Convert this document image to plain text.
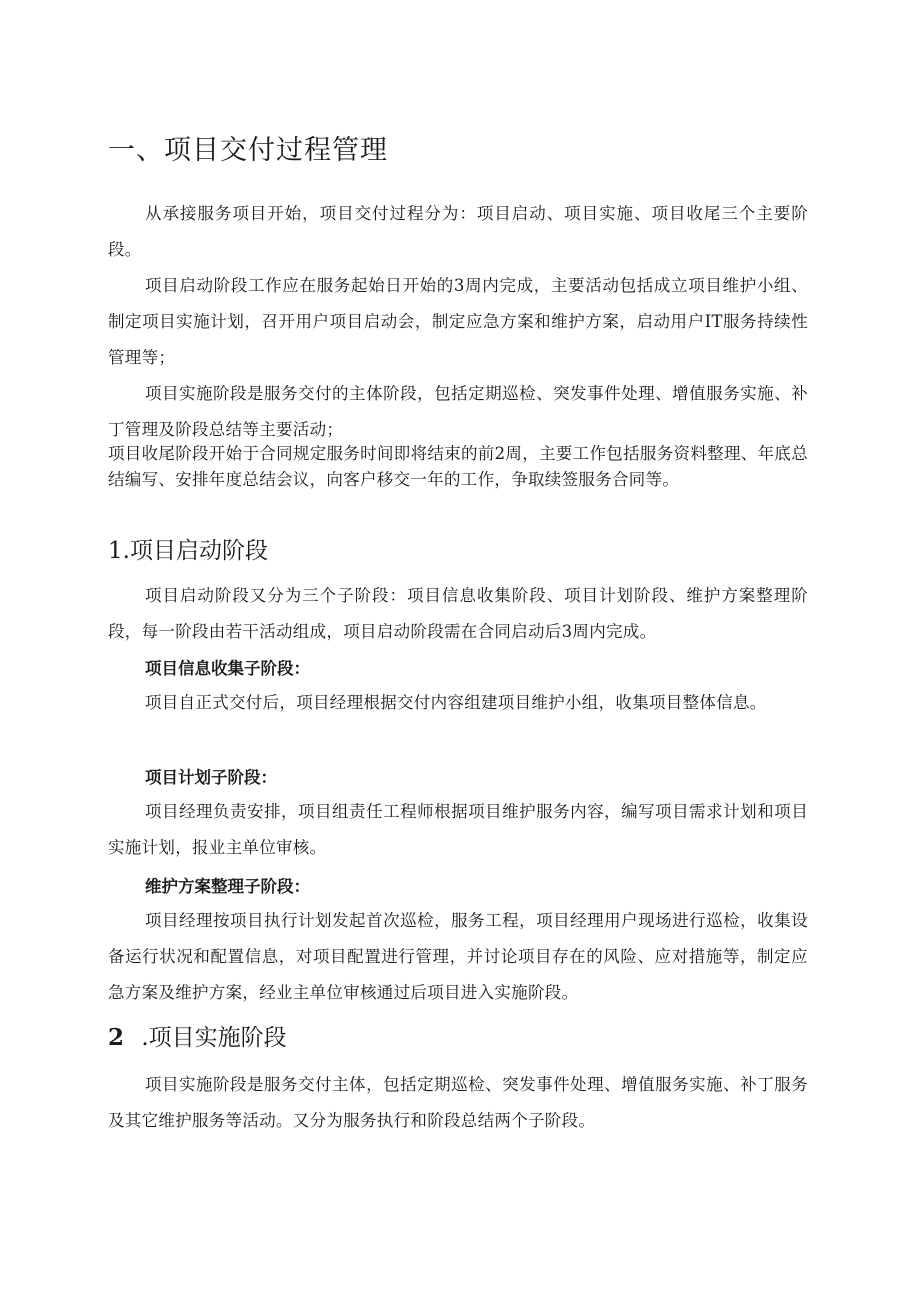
一、项目交付过程管理
从承接服务项目开始，项目交付过程分为：项目启动、项目实施、项目收尾三个主要阶段。
项目启动阶段工作应在服务起始日开始的3周内完成，主要活动包括成立项目维护小组、制定项目实施计划，召开用户项目启动会，制定应急方案和维护方案，启动用户IT服务持续性管理等；
项目实施阶段是服务交付的主体阶段，包括定期巡检、突发事件处理、增值服务实施、补丁管理及阶段总结等主要活动；
项目收尾阶段开始于合同规定服务时间即将结束的前2周，主要工作包括服务资料整理、年底总结编写、安排年度总结会议，向客户移交一年的工作，争取续签服务合同等。
1.项目启动阶段
项目启动阶段又分为三个子阶段：项目信息收集阶段、项目计划阶段、维护方案整理阶段，每一阶段由若干活动组成，项目启动阶段需在合同启动后3周内完成。
项目信息收集子阶段：
项目自正式交付后，项目经理根据交付内容组建项目维护小组，收集项目整体信息。
项目计划子阶段：
项目经理负责安排，项目组责任工程师根据项目维护服务内容，编写项目需求计划和项目实施计划，报业主单位审核。
维护方案整理子阶段：
项目经理按项目执行计划发起首次巡检，服务工程，项目经理用户现场进行巡检，收集设备运行状况和配置信息，对项目配置进行管理，并讨论项目存在的风险、应对措施等，制定应急方案及维护方案，经业主单位审核通过后项目进入实施阶段。
2 .项目实施阶段
项目实施阶段是服务交付主体，包括定期巡检、突发事件处理、增值服务实施、补丁服务及其它维护服务等活动。又分为服务执行和阶段总结两个子阶段。
